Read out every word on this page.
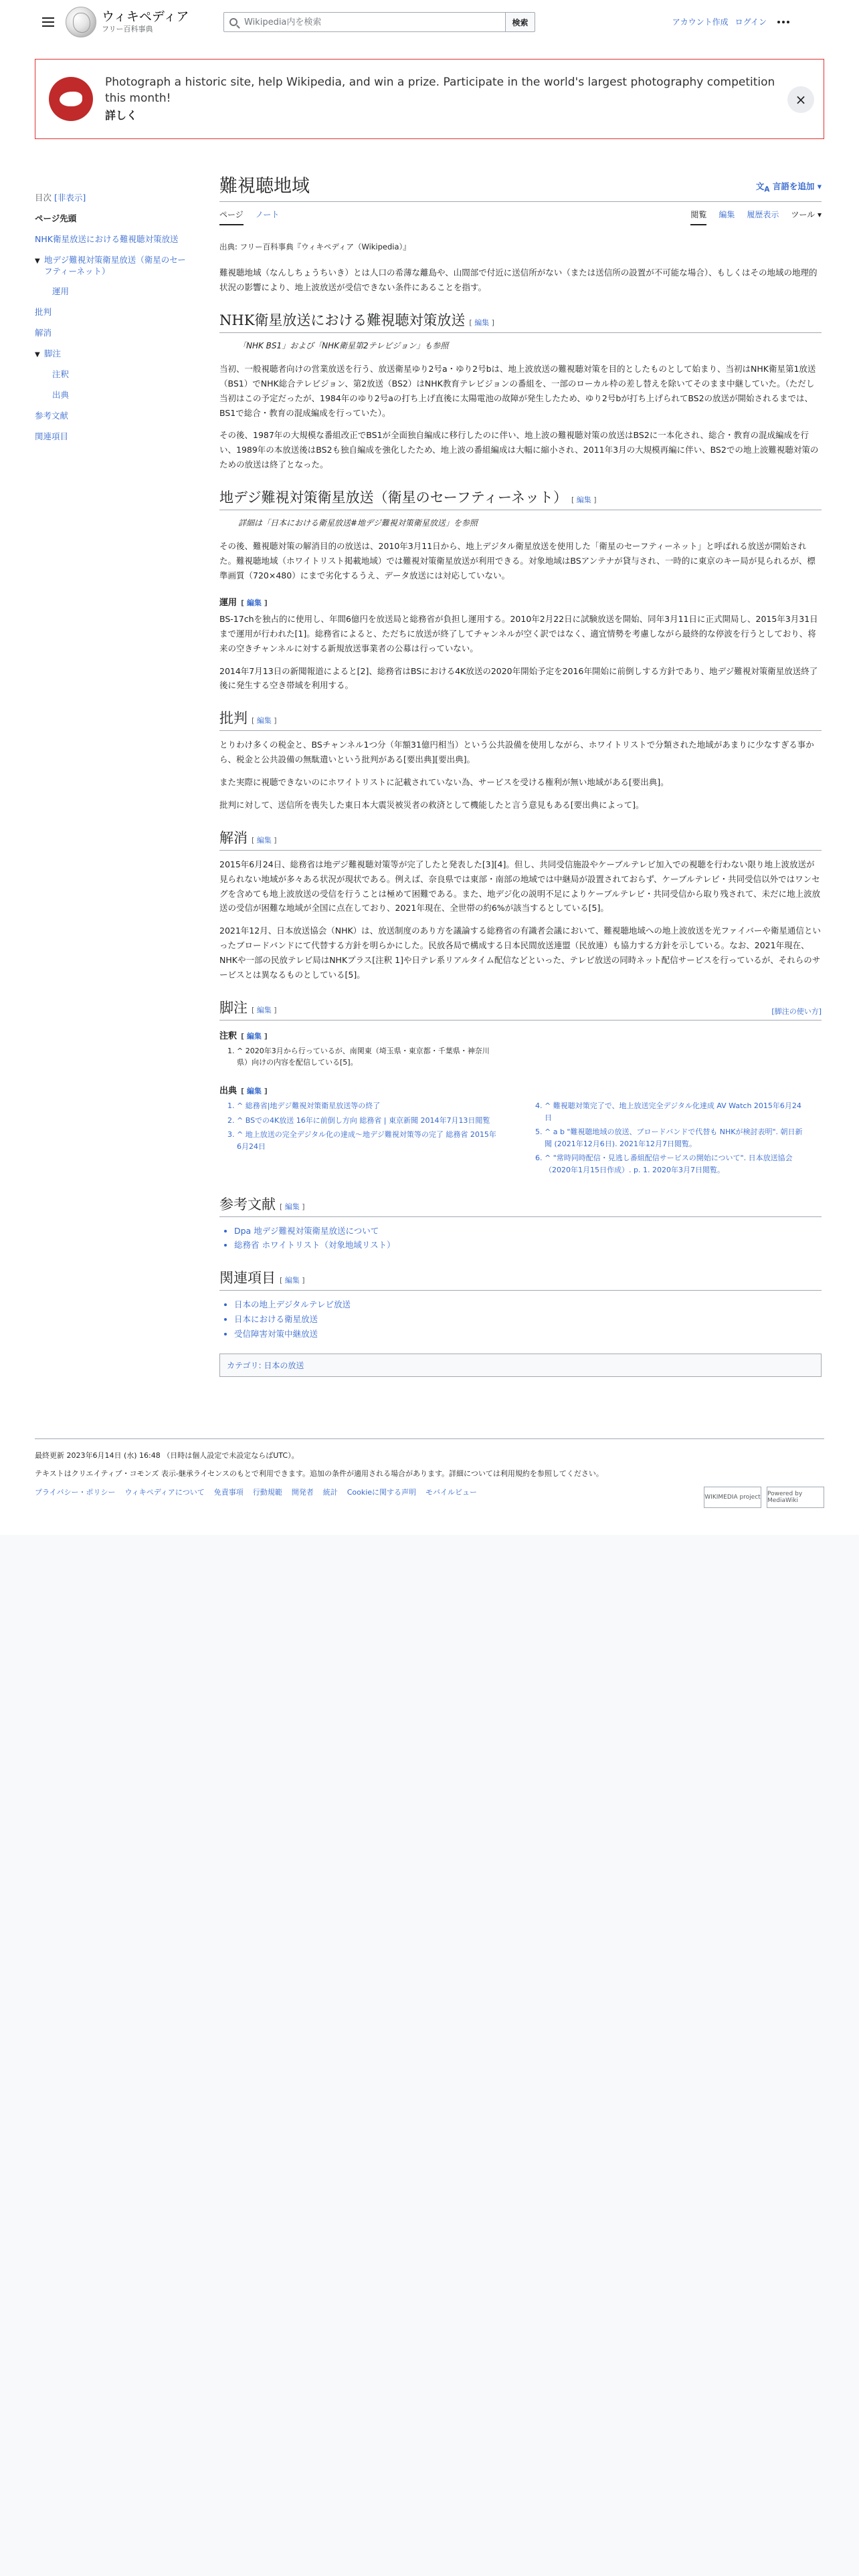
ウィキペディア
フリー百科事典
Wikipedia内を検索
検索	アカウント作成 ログイン
Photograph a historic site, help Wikipedia, and win a prize. Participate in the world's largest photography competition this month!
詳しく
×
目次 [非表示]
ページ先頭
NHK衛星放送における難視聴対策放送
▼ 地デジ難視対策衛星放送（衛星のセーフティーネット）
運用
批判
解消
▼ 脚注
注釈
出典
参考文献
関連項目
難視聴地域	文$_A$ 言語を追加 ▾
ページ ノート	閲覧 編集 履歴表示 ツール ▾
出典: フリー百科事典『ウィキペディア（Wikipedia）』

難視聴地域（なんしちょうちいき）とは人口の希薄な離島や、山間部で付近に送信所がない（または送信所の設置が不可能な場合）、もしくはその地域の地理的状況の影響により、地上波放送が受信できない条件にあることを指す。

NHK衛星放送における難視聴対策放送 [ 編集 ]
「NHK BS1」および「NHK衛星第2テレビジョン」も参照

当初、一般視聴者向けの営業放送を行う、放送衛星ゆり2号a・ゆり2号bは、地上波放送の難視聴対策を目的としたものとして始まり、当初はNHK衛星第1放送（BS1）でNHK総合テレビジョン、第2放送（BS2）はNHK教育テレビジョンの番組を、一部のローカル枠の差し替えを除いてそのまま中継していた。（ただし当初はこの予定だったが、1984年のゆり2号aの打ち上げ直後に太陽電池の故障が発生したため、ゆり2号bが打ち上げられてBS2の放送が開始されるまでは、BS1で総合・教育の混成編成を行っていた）。

その後、1987年の大規模な番組改正でBS1が全面独自編成に移行したのに伴い、地上波の難視聴対策の放送はBS2に一本化され、総合・教育の混成編成を行い、1989年の本放送後はBS2も独自編成を強化したため、地上波の番組編成は大幅に縮小され、2011年3月の大規模再編に伴い、BS2での地上波難視聴対策のための放送は終了となった。

地デジ難視対策衛星放送（衛星のセーフティーネット） [ 編集 ]
詳細は「日本における衛星放送#地デジ難視対策衛星放送」を参照

その後、難視聴対策の解消目的の放送は、2010年3月11日から、地上デジタル衛星放送を使用した「衛星のセーフティーネット」と呼ばれる放送が開始された。難視聴地域（ホワイトリスト掲載地域）では難視対策衛星放送が利用できる。対象地域はBSアンテナが貸与され、一時的に東京のキー局が見られるが、標準画質（720×480）にまで劣化するうえ、データ放送には対応していない。

運用 [ 編集 ]

BS-17chを独占的に使用し、年間6億円を放送局と総務省が負担し運用する。2010年2月22日に試験放送を開始、同年3月11日に正式開局し、2015年3月31日まで運用が行われた[1]。総務省によると、ただちに放送が終了してチャンネルが空く訳ではなく、適宜情勢を考慮しながら最終的な停波を行うとしており、将来の空きチャンネルに対する新規放送事業者の公募は行っていない。

2014年7月13日の新聞報道によると[2]、総務省はBSにおける4K放送の2020年開始予定を2016年開始に前倒しする方針であり、地デジ難視対策衛星放送終了後に発生する空き帯域を利用する。

批判 [ 編集 ]

とりわけ多くの税金と、BSチャンネル1つ分（年額31億円相当）という公共設備を使用しながら、ホワイトリストで分類された地域があまりに少なすぎる事から、税金と公共設備の無駄遣いという批判がある[要出典][要出典]。

また実際に視聴できないのにホワイトリストに記載されていない為、サービスを受ける権利が無い地域がある[要出典]。

批判に対して、送信所を喪失した東日本大震災被災者の救済として機能したと言う意見もある[要出典によって]。

解消 [ 編集 ]

2015年6月24日、総務省は地デジ難視聴対策等が完了したと発表した[3][4]。但し、共同受信施設やケーブルテレビ加入での視聴を行わない限り地上波放送が見られない地域が多々ある状況が現状である。例えば、奈良県では東部・南部の地域では中継局が設置されておらず、ケーブルテレビ・共同受信以外ではワンセグを含めても地上波放送の受信を行うことは極めて困難である。また、地デジ化の説明不足によりケーブルテレビ・共同受信から取り残されて、未だに地上波放送の受信が困難な地域が全国に点在しており、2021年現在、全世帯の約6%が該当するとしている[5]。

2021年12月、日本放送協会（NHK）は、放送制度のあり方を議論する総務省の有識者会議において、難視聴地域への地上波放送を光ファイバーや衛星通信といったブロードバンドにて代替する方針を明らかにした。民放各局で構成する日本民間放送連盟（民放連）も協力する方針を示している。なお、2021年現在、NHKや一部の民放テレビ局はNHKプラス[注釈 1]や日テレ系リアルタイム配信などといった、テレビ放送の同時ネット配信サービスを行っているが、それらのサービスとは異なるものとしている[5]。

脚注 [ 編集 ]	[脚注の使い方]
注釈 [ 編集 ]
1. ^ 2020年3月から行っているが、南関東（埼玉県・東京都・千葉県・神奈川県）向けの内容を配信している[5]。
出典 [ 編集 ]
1. ^ 総務省|地デジ難視対策衛星放送等の終了
2. ^ BSでの4K放送 16年に前倒し方向 総務省 | 東京新聞 2014年7月13日閲覧
3. ^ 地上放送の完全デジタル化の達成〜地デジ難視対策等の完了 総務省 2015年6月24日
4. ^ 難視聴対策完了で、地上放送完全デジタル化達成 AV Watch 2015年6月24日
5. ^ a b "難視聴地域の放送、ブロードバンドで代替も NHKが検討表明". 朝日新聞 (2021年12月6日). 2021年12月7日閲覧。
6. ^ "常時同時配信・見逃し番組配信サービスの開始について". 日本放送協会（2020年1月15日作成）. p. 1. 2020年3月7日閲覧。
参考文献 [ 編集 ]
• Dpa 地デジ難視対策衛星放送について
• 総務省 ホワイトリスト（対象地域リスト）
関連項目 [ 編集 ]
• 日本の地上デジタルテレビ放送
• 日本における衛星放送
• 受信障害対策中継放送
カテゴリ: 日本の放送

最終更新 2023年6月14日 (水) 16:48 （日時は個人設定で未設定ならばUTC）。

テキストはクリエイティブ・コモンズ 表示-継承ライセンスのもとで利用できます。追加の条件が適用される場合があります。詳細については利用規約を参照してください。

プライバシー・ポリシー ウィキペディアについて 免責事項 行動規範 開発者 統計 Cookieに関する声明 モバイルビュー
WIKIMEDIA project Powered by MediaWiki
